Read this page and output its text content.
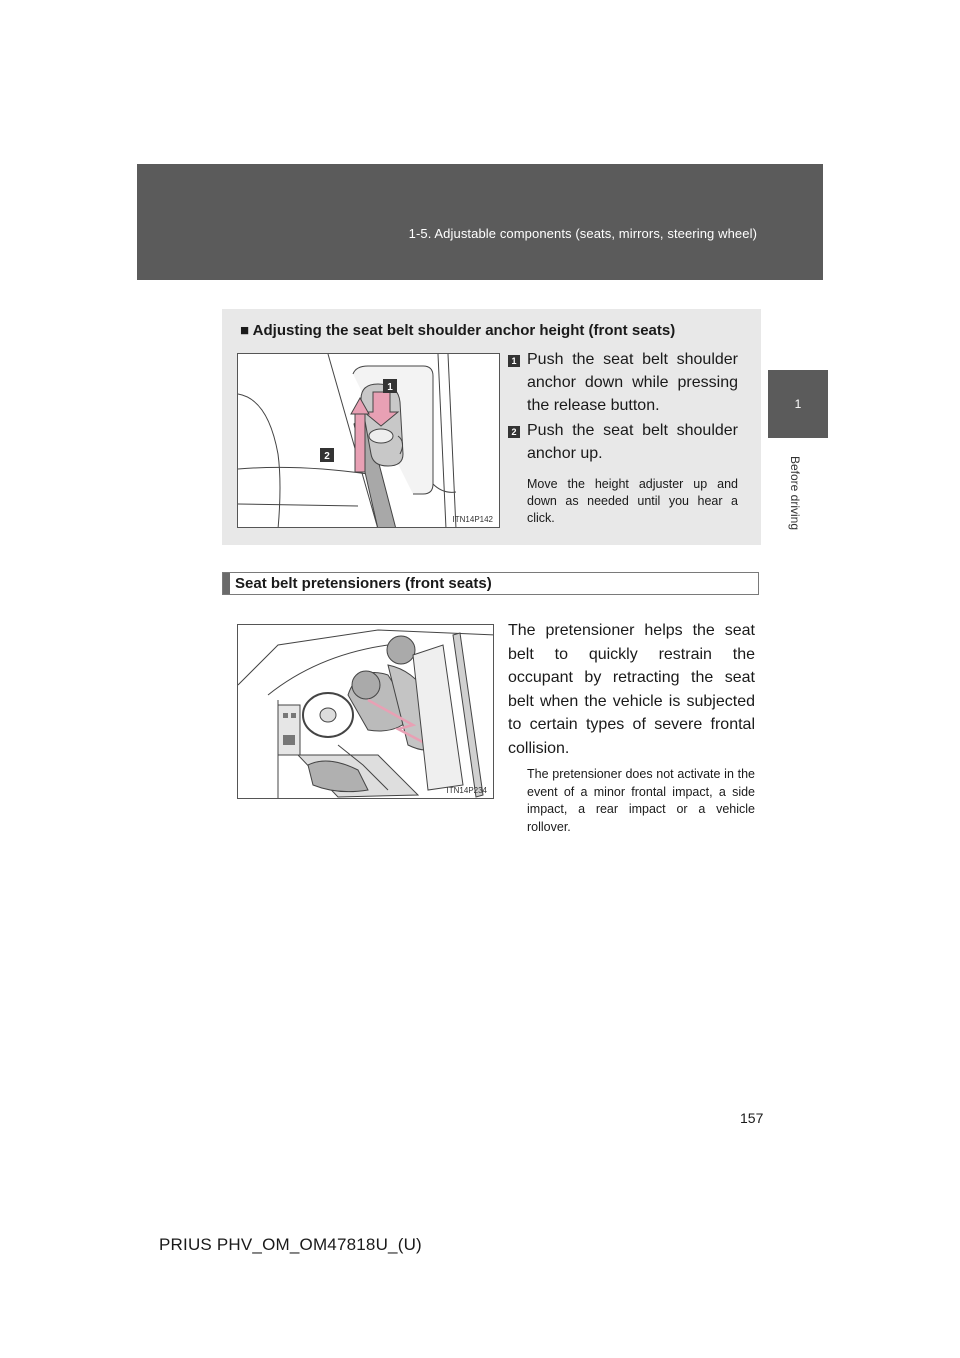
1-5. Adjustable components (seats, mirrors, steering wheel)
1
Before driving
■ Adjusting the seat belt shoulder anchor height (front seats)
2
1
ITN14P142
1 Push the seat belt shoulder anchor down while pressing the release button.
2 Push the seat belt shoulder anchor up.
Move the height adjuster up and down as needed until you hear a click.
Seat belt pretensioners (front seats)
ITN14P234
The pretensioner helps the seat belt to quickly restrain the occupant by retracting the seat belt when the vehicle is subjected to certain types of severe frontal collision.
The pretensioner does not activate in the event of a minor frontal impact, a side impact, a rear impact or a vehicle rollover.
157
PRIUS PHV_OM_OM47818U_(U)
